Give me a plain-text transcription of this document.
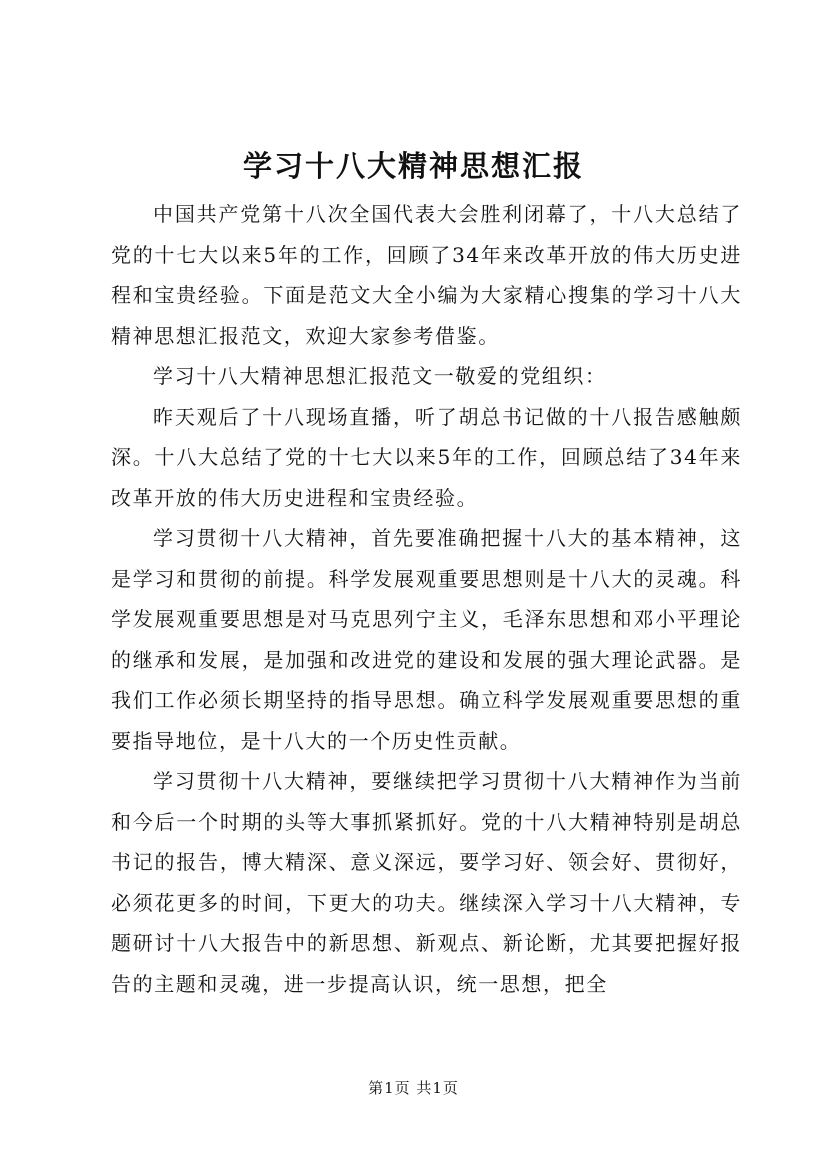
学习十八大精神思想汇报

中国共产党第十八次全国代表大会胜利闭幕了，十八大总结了党的十七大以来5年的工作，回顾了34年来改革开放的伟大历史进程和宝贵经验。下面是范文大全小编为大家精心搜集的学习十八大精神思想汇报范文，欢迎大家参考借鉴。

学习十八大精神思想汇报范文一敬爱的党组织：

昨天观后了十八现场直播，听了胡总书记做的十八报告感触颇深。十八大总结了党的十七大以来5年的工作，回顾总结了34年来改革开放的伟大历史进程和宝贵经验。

学习贯彻十八大精神，首先要准确把握十八大的基本精神，这是学习和贯彻的前提。科学发展观重要思想则是十八大的灵魂。科学发展观重要思想是对马克思列宁主义，毛泽东思想和邓小平理论的继承和发展，是加强和改进党的建设和发展的强大理论武器。是我们工作必须长期坚持的指导思想。确立科学发展观重要思想的重要指导地位，是十八大的一个历史性贡献。

学习贯彻十八大精神，要继续把学习贯彻十八大精神作为当前和今后一个时期的头等大事抓紧抓好。党的十八大精神特别是胡总书记的报告，博大精深、意义深远，要学习好、领会好、贯彻好，必须花更多的时间，下更大的功夫。继续深入学习十八大精神，专题研讨十八大报告中的新思想、新观点、新论断，尤其要把握好报告的主题和灵魂，进一步提高认识，统一思想，把全

第1页 共1页
